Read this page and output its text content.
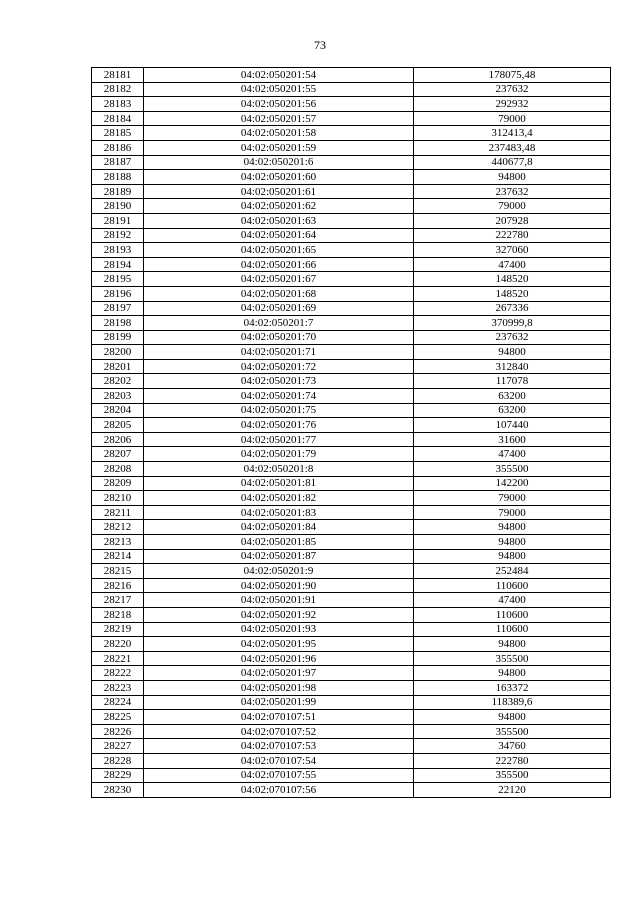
73
28181	04:02:050201:54	178075,48
28182	04:02:050201:55	237632
28183	04:02:050201:56	292932
28184	04:02:050201:57	79000
28185	04:02:050201:58	312413,4
28186	04:02:050201:59	237483,48
28187	04:02:050201:6	440677,8
28188	04:02:050201:60	94800
28189	04:02:050201:61	237632
28190	04:02:050201:62	79000
28191	04:02:050201:63	207928
28192	04:02:050201:64	222780
28193	04:02:050201:65	327060
28194	04:02:050201:66	47400
28195	04:02:050201:67	148520
28196	04:02:050201:68	148520
28197	04:02:050201:69	267336
28198	04:02:050201:7	370999,8
28199	04:02:050201:70	237632
28200	04:02:050201:71	94800
28201	04:02:050201:72	312840
28202	04:02:050201:73	117078
28203	04:02:050201:74	63200
28204	04:02:050201:75	63200
28205	04:02:050201:76	107440
28206	04:02:050201:77	31600
28207	04:02:050201:79	47400
28208	04:02:050201:8	355500
28209	04:02:050201:81	142200
28210	04:02:050201:82	79000
28211	04:02:050201:83	79000
28212	04:02:050201:84	94800
28213	04:02:050201:85	94800
28214	04:02:050201:87	94800
28215	04:02:050201:9	252484
28216	04:02:050201:90	110600
28217	04:02:050201:91	47400
28218	04:02:050201:92	110600
28219	04:02:050201:93	110600
28220	04:02:050201:95	94800
28221	04:02:050201:96	355500
28222	04:02:050201:97	94800
28223	04:02:050201:98	163372
28224	04:02:050201:99	118389,6
28225	04:02:070107:51	94800
28226	04:02:070107:52	355500
28227	04:02:070107:53	34760
28228	04:02:070107:54	222780
28229	04:02:070107:55	355500
28230	04:02:070107:56	22120
